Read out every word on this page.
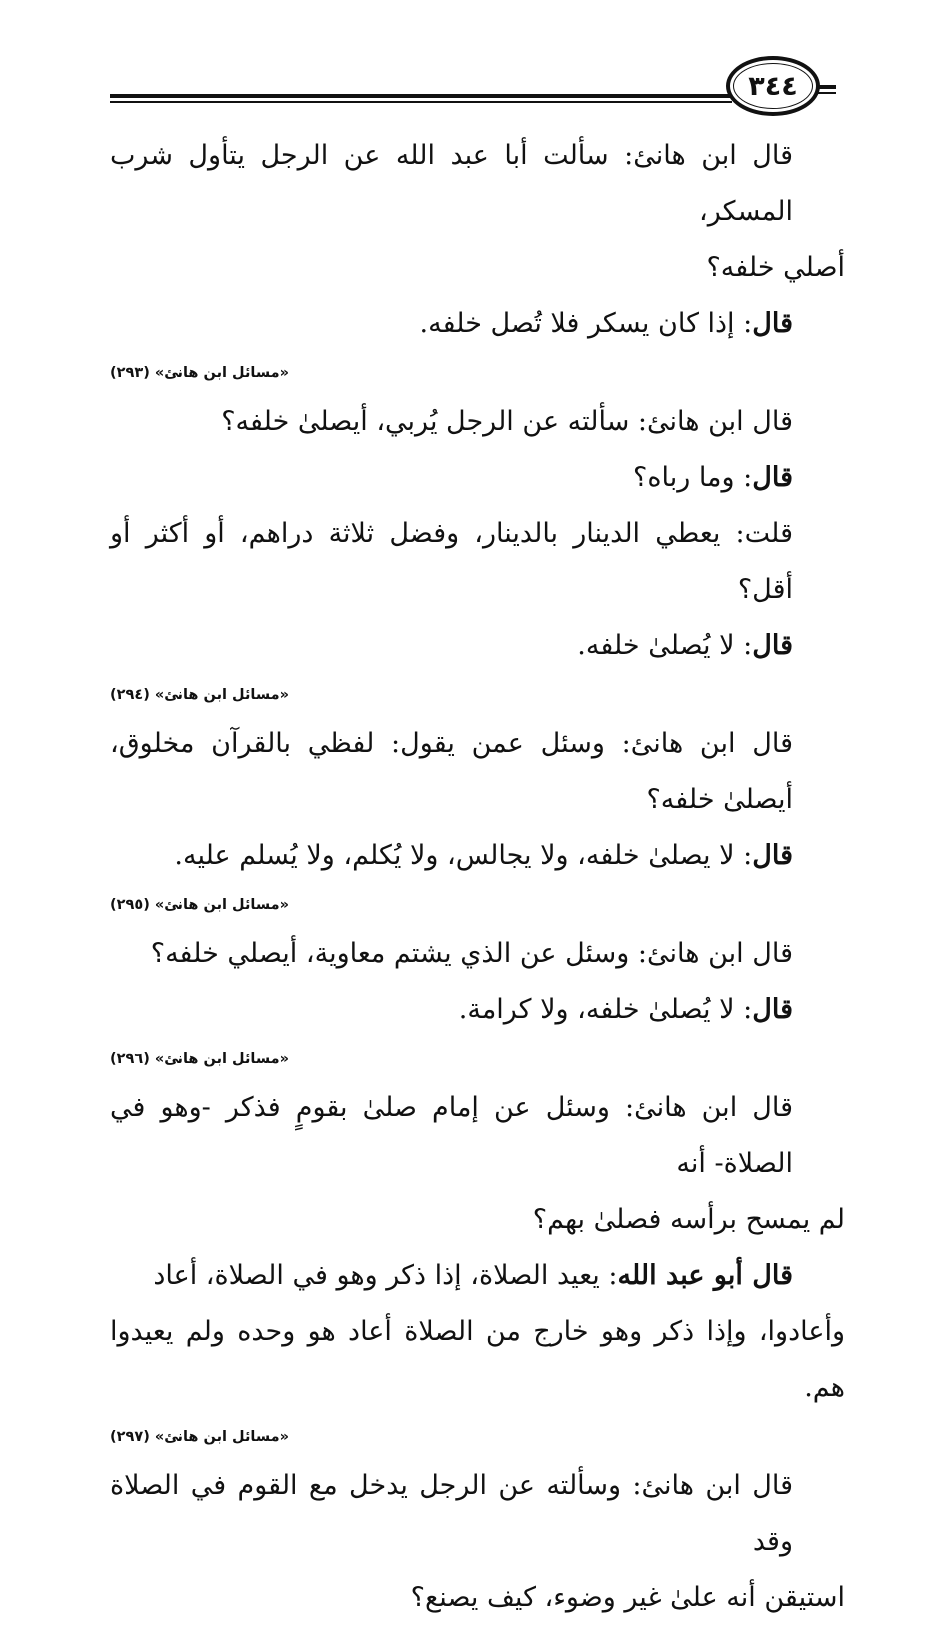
٣٤٤

قال ابن هانئ: سألت أبا عبد الله عن الرجل يتأول شرب المسكر،

أصلي خلفه؟

قال: إذا كان يسكر فلا تُصل خلفه.

«مسائل ابن هانئ» (٢٩٣)

قال ابن هانئ: سألته عن الرجل يُربي، أيصلىٰ خلفه؟

قال: وما رباه؟

قلت: يعطي الدينار بالدينار، وفضل ثلاثة دراهم، أو أكثر أو أقل؟

قال: لا يُصلىٰ خلفه.

«مسائل ابن هانئ» (٢٩٤)

قال ابن هانئ: وسئل عمن يقول: لفظي بالقرآن مخلوق، أيصلىٰ خلفه؟

قال: لا يصلىٰ خلفه، ولا يجالس، ولا يُكلم، ولا يُسلم عليه.

«مسائل ابن هانئ» (٢٩٥)

قال ابن هانئ: وسئل عن الذي يشتم معاوية، أيصلي خلفه؟

قال: لا يُصلىٰ خلفه، ولا كرامة.

«مسائل ابن هانئ» (٢٩٦)

قال ابن هانئ: وسئل عن إمام صلىٰ بقومٍ فذكر -وهو في الصلاة- أنه

لم يمسح برأسه فصلىٰ بهم؟

قال أبو عبد الله: يعيد الصلاة، إذا ذكر وهو في الصلاة، أعاد

وأعادوا، وإذا ذكر وهو خارج من الصلاة أعاد هو وحده ولم يعيدوا هم.

«مسائل ابن هانئ» (٢٩٧)

قال ابن هانئ: وسألته عن الرجل يدخل مع القوم في الصلاة وقد

استيقن أنه علىٰ غير وضوء، كيف يصنع؟
